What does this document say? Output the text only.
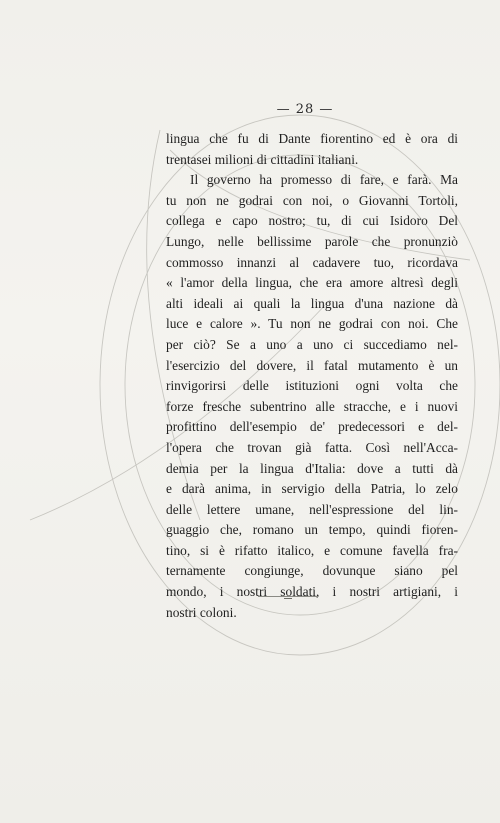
— 28 —
lingua che fu di Dante fiorentino ed è ora di
trentasei milioni di cittadini italiani.
Il governo ha promesso di fare, e farà. Ma
tu non ne godrai con noi, o Giovanni Tortoli,
collega e capo nostro; tu, di cui Isidoro Del
Lungo, nelle bellissime parole che pronunziò
commosso innanzi al cadavere tuo, ricordava
« l'amor della lingua, che era amore altresì degli
alti ideali ai quali la lingua d'una nazione dà
luce e calore ». Tu non ne godrai con noi. Che
per ciò? Se a uno a uno ci succediamo nel-
l'esercizio del dovere, il fatal mutamento è un
rinvigorirsi delle istituzioni ogni volta che
forze fresche subentrino alle stracche, e i nuovi
profittino dell'esempio de' predecessori e del-
l'opera che trovan già fatta. Così nell'Acca-
demia per la lingua d'Italia: dove a tutti dà
e darà anima, in servigio della Patria, lo zelo
delle lettere umane, nell'espressione del lin-
guaggio che, romano un tempo, quindi fioren-
tino, si è rifatto italico, e comune favella fra-
ternamente congiunge, dovunque siano pel
mondo, i nostri soldati, i nostri artigiani, i
nostri coloni.
